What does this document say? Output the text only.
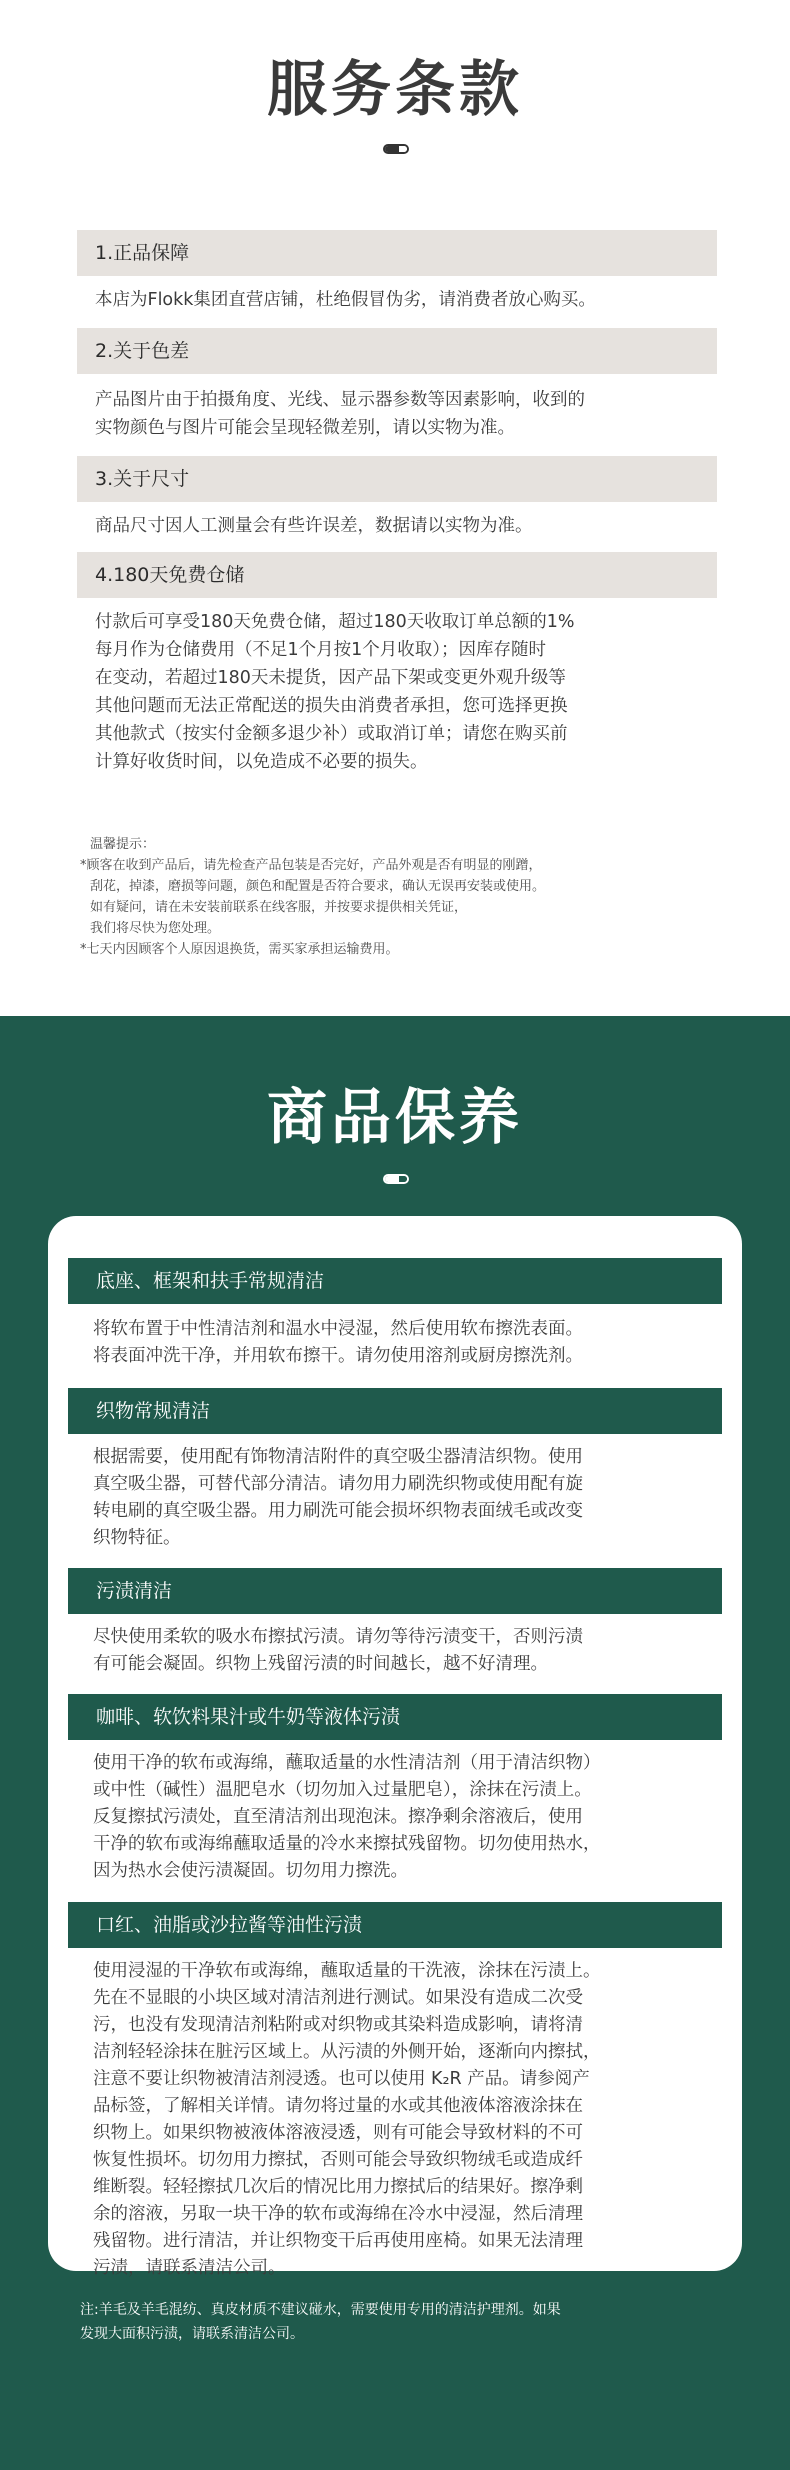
服务条款
1.正品保障
本店为Flokk集团直营店铺，杜绝假冒伪劣，请消费者放心购买。
2.关于色差
产品图片由于拍摄角度、光线、显示器参数等因素影响，收到的
实物颜色与图片可能会呈现轻微差别，请以实物为准。
3.关于尺寸
商品尺寸因人工测量会有些许误差，数据请以实物为准。
4.180天免费仓储
付款后可享受180天免费仓储，超过180天收取订单总额的1%
每月作为仓储费用（不足1个月按1个月收取）；因库存随时
在变动，若超过180天未提货，因产品下架或变更外观升级等
其他问题而无法正常配送的损失由消费者承担，您可选择更换
其他款式（按实付金额多退少补）或取消订单；请您在购买前
计算好收货时间，以免造成不必要的损失。
温馨提示：
*顾客在收到产品后，请先检查产品包装是否完好，产品外观是否有明显的刚蹭，
刮花，掉漆，磨损等问题，颜色和配置是否符合要求，确认无误再安装或使用。
如有疑问，请在未安装前联系在线客服，并按要求提供相关凭证，
我们将尽快为您处理。
*七天内因顾客个人原因退换货，需买家承担运输费用。
商品保养
底座、框架和扶手常规清洁
将软布置于中性清洁剂和温水中浸湿，然后使用软布擦洗表面。
将表面冲洗干净，并用软布擦干。请勿使用溶剂或厨房擦洗剂。
织物常规清洁
根据需要，使用配有饰物清洁附件的真空吸尘器清洁织物。使用
真空吸尘器，可替代部分清洁。请勿用力刷洗织物或使用配有旋
转电刷的真空吸尘器。用力刷洗可能会损坏织物表面绒毛或改变
织物特征。
污渍清洁
尽快使用柔软的吸水布擦拭污渍。请勿等待污渍变干，否则污渍
有可能会凝固。织物上残留污渍的时间越长，越不好清理。
咖啡、软饮料果汁或牛奶等液体污渍
使用干净的软布或海绵，蘸取适量的水性清洁剂（用于清洁织物）
或中性（碱性）温肥皂水（切勿加入过量肥皂），涂抹在污渍上。
反复擦拭污渍处，直至清洁剂出现泡沫。擦净剩余溶液后，使用
干净的软布或海绵蘸取适量的冷水来擦拭残留物。切勿使用热水，
因为热水会使污渍凝固。切勿用力擦洗。
口红、油脂或沙拉酱等油性污渍
使用浸湿的干净软布或海绵，蘸取适量的干洗液，涂抹在污渍上。
先在不显眼的小块区域对清洁剂进行测试。如果没有造成二次受
污，也没有发现清洁剂粘附或对织物或其染料造成影响，请将清
洁剂轻轻涂抹在脏污区域上。从污渍的外侧开始，逐渐向内擦拭，
注意不要让织物被清洁剂浸透。也可以使用 K₂R 产品。请参阅产
品标签，了解相关详情。请勿将过量的水或其他液体溶液涂抹在
织物上。如果织物被液体溶液浸透，则有可能会导致材料的不可
恢复性损坏。切勿用力擦拭，否则可能会导致织物绒毛或造成纤
维断裂。轻轻擦拭几次后的情况比用力擦拭后的结果好。擦净剩
余的溶液，另取一块干净的软布或海绵在冷水中浸湿，然后清理
残留物。进行清洁，并让织物变干后再使用座椅。如果无法清理
污渍，请联系清洁公司。
注:羊毛及羊毛混纺、真皮材质不建议碰水，需要使用专用的清洁护理剂。如果
发现大面积污渍，请联系清洁公司。
